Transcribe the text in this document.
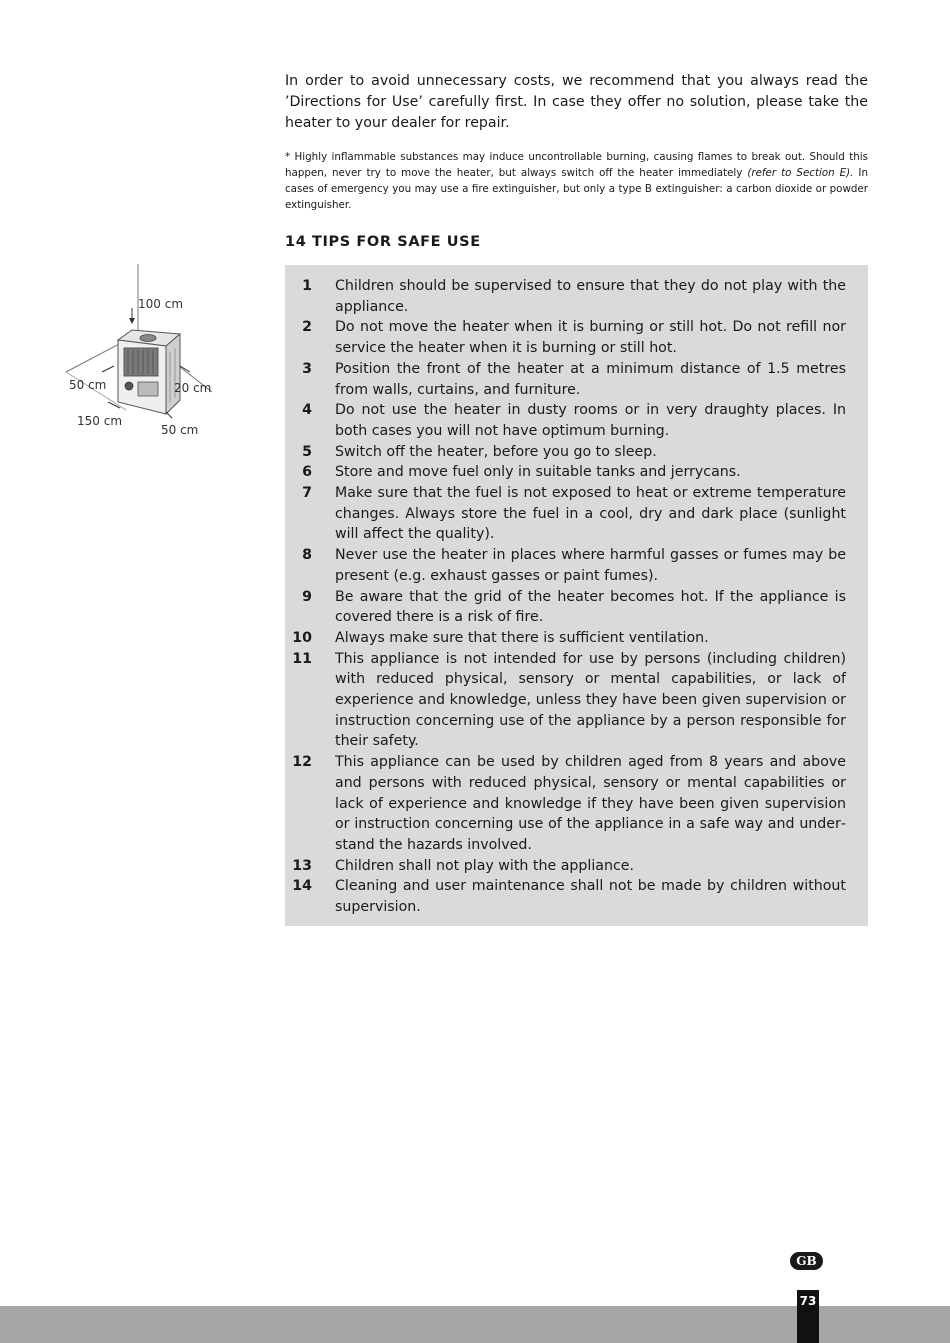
In order to avoid unnecessary costs, we recommend that you always read the ’Directions for Use’ carefully first. In case they offer no solution, please take the heater to your dealer for repair.

* Highly inflammable substances may induce uncontrollable burning, causing flames to break out. Should this happen, never try to move the heater, but always switch off the heater immediately (refer to Section E). In cases of emergency you may use a fire extinguisher, but only a type B extinguisher: a carbon dioxide or powder extinguisher.

14 TIPS FOR SAFE USE
100 cm
50 cm	20 cm
150 cm
50 cm
1 Children should be supervised to ensure that they do not play with the appliance.
2 Do not move the heater when it is burning or still hot. Do not refill nor service the heater when it is burning or still hot.
3 Position the front of the heater at a minimum distance of 1.5 metres from walls, curtains, and furniture.
4 Do not use the heater in dusty rooms or in very draughty places. In both cases you will not have optimum burning.
5 Switch off the heater, before you go to sleep.
6 Store and move fuel only in suitable tanks and jerrycans.
7 Make sure that the fuel is not exposed to heat or extreme temperature changes. Always store the fuel in a cool, dry and dark place (sunlight will affect the quality).
8 Never use the heater in places where harmful gasses or fumes may be present (e.g. exhaust gasses or paint fumes).
9 Be aware that the grid of the heater becomes hot. If the appliance is covered there is a risk of fire.
10 Always make sure that there is sufficient ventilation.
11 This appliance is not intended for use by persons (including children) with reduced physical, sensory or mental capabilities, or lack of experience and knowledge, unless they have been given supervision or instruction concerning use of the appliance by a person responsible for their safety.
12 This appliance can be used by children aged from 8 years and above and persons with reduced physical, sensory or mental capabilities or lack of experience and knowledge if they have been given supervision or instruction concerning use of the appliance in a safe way and understand the hazards involved.
13 Children shall not play with the appliance.
14 Cleaning and user maintenance shall not be made by children without supervision.
GB
73
